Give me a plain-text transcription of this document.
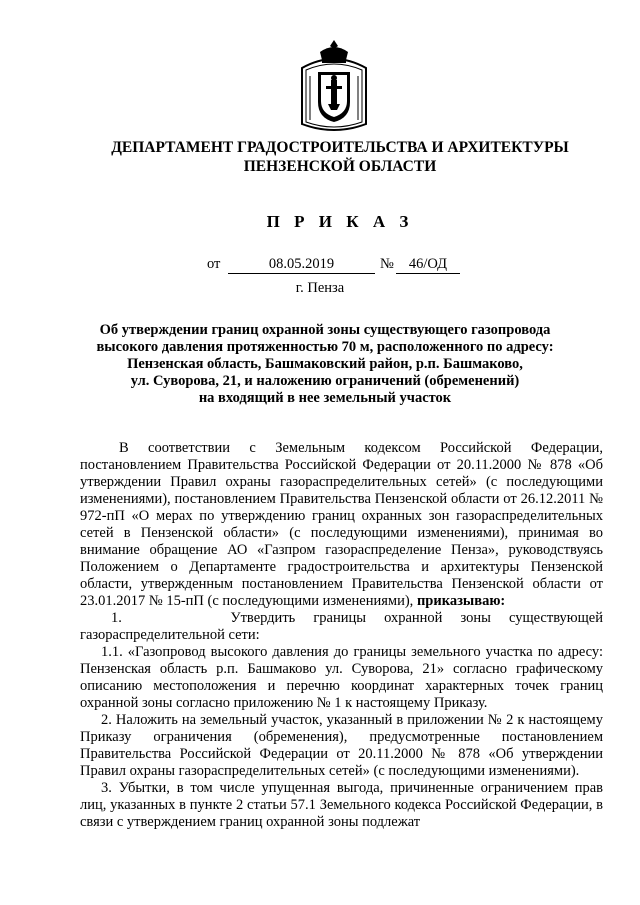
ДЕПАРТАМЕНТ ГРАДОСТРОИТЕЛЬСТВА И АРХИТЕКТУРЫ
ПЕНЗЕНСКОЙ ОБЛАСТИ
П Р И К А З
от	08.05.2019	№	46/ОД
г. Пенза
Об утверждении границ охранной зоны существующего газопровода
высокого давления протяженностью 70 м, расположенного по адресу:
Пензенская область, Башмаковский район, р.п. Башмаково,
ул. Суворова, 21, и наложению ограничений (обременений)
на входящий в нее земельный участок

В соответствии с Земельным кодексом Российской Федерации, постановлением Правительства Российской Федерации от 20.11.2000 № 878 «Об утверждении Правил охраны газораспределительных сетей» (с последующими изменениями), постановлением Правительства Пензенской области от 26.12.2011 № 972-пП «О мерах по утверждению границ охранных зон газораспределительных сетей в Пензенской области» (с последующими изменениями), принимая во внимание обращение АО «Газпром газораспределение Пенза», руководствуясь Положением о Департаменте градостроительства и архитектуры Пензенской области, утвержденным постановлением Правительства Пензенской области от 23.01.2017 № 15-пП (с последующими изменениями), приказываю:

1.      Утвердить границы охранной зоны существующей газораспределительной сети:

1.1. «Газопровод высокого давления до границы земельного участка по адресу: Пензенская область р.п. Башмаково ул. Суворова, 21» согласно графическому описанию местоположения и перечню координат характерных точек границ охранной зоны согласно приложению № 1 к настоящему Приказу.

2. Наложить на земельный участок, указанный в приложении № 2 к настоящему Приказу ограничения (обременения), предусмотренные постановлением Правительства Российской Федерации от 20.11.2000 № 878 «Об утверждении Правил охраны газораспределительных сетей» (с последующими изменениями).

3. Убытки, в том числе упущенная выгода, причиненные ограничением прав лиц, указанных в пункте 2 статьи 57.1 Земельного кодекса Российской Федерации, в связи с утверждением границ охранной зоны подлежат
